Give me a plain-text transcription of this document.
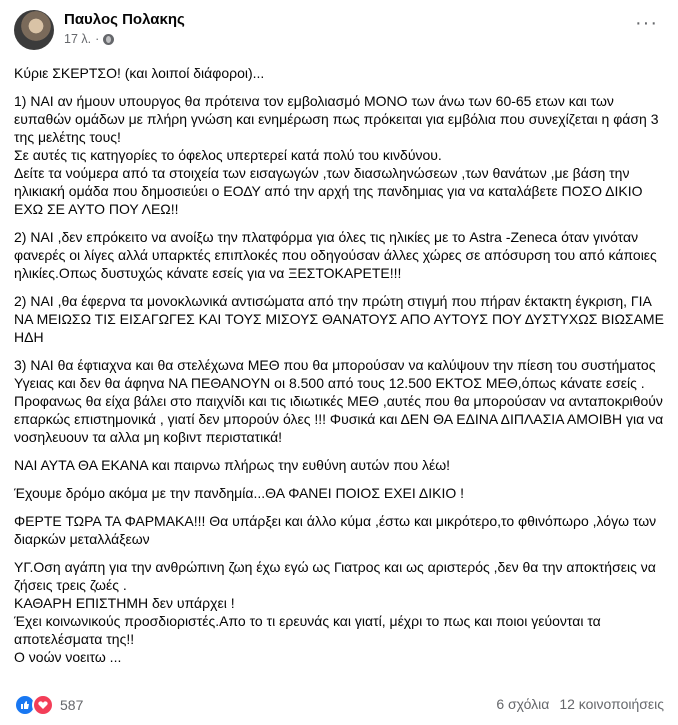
Παυλος Πολακης
17 λ. ·
···

Κύριε ΣΚΕΡΤΣΟ! (και λοιποί διάφοροι)...

1) ΝΑΙ αν ήμουν υπουργος θα πρότεινα τον εμβολιασμό ΜΟΝΟ των άνω των 60-65 ετων και των ευπαθών ομάδων με πλήρη γνώση και ενημέρωση πως πρόκειται για εμβόλια που συνεχίζεται η φάση 3 της μελέτης τους!
Σε αυτές τις κατηγορίες το όφελος υπερτερεί κατά πολύ του κινδύνου.
Δείτε τα νούμερα από τα στοιχεία των εισαγωγών ,των διασωληνώσεων ,των θανάτων ,με βάση την ηλικιακή ομάδα που δημοσιεύει ο ΕΟΔΥ από την αρχή της πανδημιας για να καταλάβετε ΠΟΣΟ ΔΙΚΙΟ ΕΧΩ ΣΕ ΑΥΤΟ ΠΟΥ ΛΕΩ!!

2) ΝΑΙ ,δεν επρόκειτο να ανοίξω την πλατφόρμα για όλες τις ηλικίες με το Astra -Zeneca όταν γινόταν φανερές οι λίγες αλλά υπαρκτές επιπλοκές που οδηγούσαν άλλες χώρες σε απόσυρση του από κάποιες ηλικίες.Οπως δυστυχώς κάνατε εσείς για να ΞΕΣΤΟΚΑΡΕΤΕ!!!

2) ΝΑΙ ,θα έφερνα τα μονοκλωνικά αντισώματα από την πρώτη στιγμή που πήραν έκτακτη έγκριση, ΓΙΑ ΝΑ ΜΕΙΩΣΩ ΤΙΣ ΕΙΣΑΓΩΓΕΣ ΚΑΙ ΤΟΥΣ ΜΙΣΟΥΣ ΘΑΝΑΤΟΥΣ ΑΠΟ ΑΥΤΟΥΣ ΠΟΥ ΔΥΣΤΥΧΩΣ ΒΙΩΣΑΜΕ ΗΔΗ

3) ΝΑΙ θα έφτιαχνα και θα στελέχωνα ΜΕΘ που θα μπορούσαν να καλύψουν την πίεση του συστήματος Υγειας και δεν θα άφηνα ΝΑ ΠΕΘΑΝΟΥΝ οι 8.500 από τους 12.500 ΕΚΤΟΣ ΜΕΘ,όπως κάνατε εσείς .
Προφανως θα είχα βάλει στο παιχνίδι και τις ιδιωτικές ΜΕΘ ,αυτές που θα μπορούσαν να ανταποκριθούν επαρκώς επιστημονικά , γιατί δεν μπορούν όλες !!! Φυσικά και ΔΕΝ ΘΑ ΕΔΙΝΑ ΔΙΠΛΑΣΙΑ ΑΜΟΙΒΗ για να νοσηλευουν τα αλλα μη κοβιντ περιστατικά!

ΝΑΙ ΑΥΤΑ ΘΑ ΕΚΑΝΑ και παιρνω πλήρως την ευθύνη αυτών που λέω!

Έχουμε δρόμο ακόμα με την πανδημία...ΘΑ ΦΑΝΕΙ ΠΟΙΟΣ ΕΧΕΙ ΔΙΚΙΟ !

ΦΕΡΤΕ ΤΩΡΑ ΤΑ ΦΑΡΜΑΚΑ!!! Θα υπάρξει και άλλο κύμα ,έστω και μικρότερο,το φθινόπωρο ,λόγω των διαρκών μεταλλάξεων

ΥΓ.Οση αγάπη για την ανθρώπινη ζωη έχω εγώ ως Γιατρος και ως αριστερός ,δεν θα την αποκτήσεις να ζήσεις τρεις ζωές .
ΚΑΘΑΡΗ ΕΠΙΣΤΗΜΗ δεν υπάρχει !
Έχει κοινωνικούς προσδιοριστές.Απο το τι ερευνάς και γιατί, μέχρι το πως και ποιοι γεύονται τα αποτελέσματα της!!
Ο νοών νοειτω ...

587	6 σχόλια 12 κοινοποιήσεις
